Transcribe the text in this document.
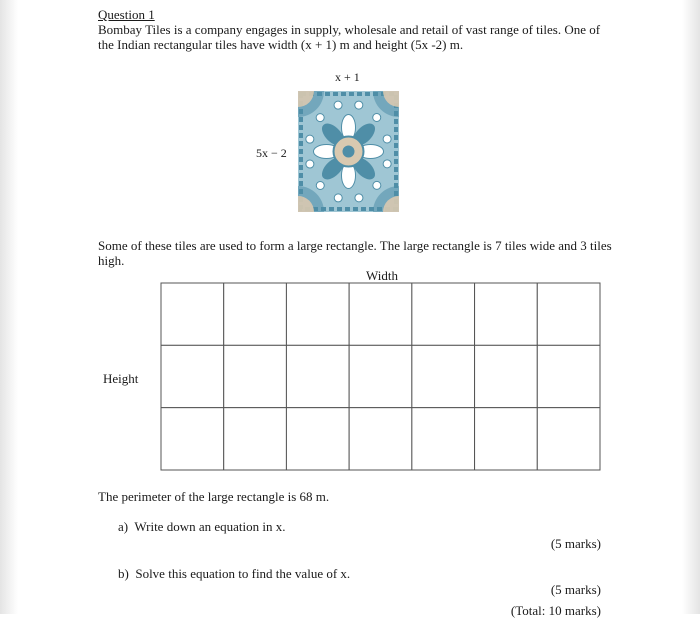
Question 1
Bombay Tiles is a company engages in supply, wholesale and retail of vast range of tiles. One of the Indian rectangular tiles have width (x + 1) m and height (5x -2) m.
x + 1
5x − 2
Some of these tiles are used to form a large rectangle. The large rectangle is 7 tiles wide and 3 tiles high.
Width
Height
The perimeter of the large rectangle is 68 m.
a) Write down an equation in x.
(5 marks)
b) Solve this equation to find the value of x.
(5 marks)
(Total: 10 marks)
